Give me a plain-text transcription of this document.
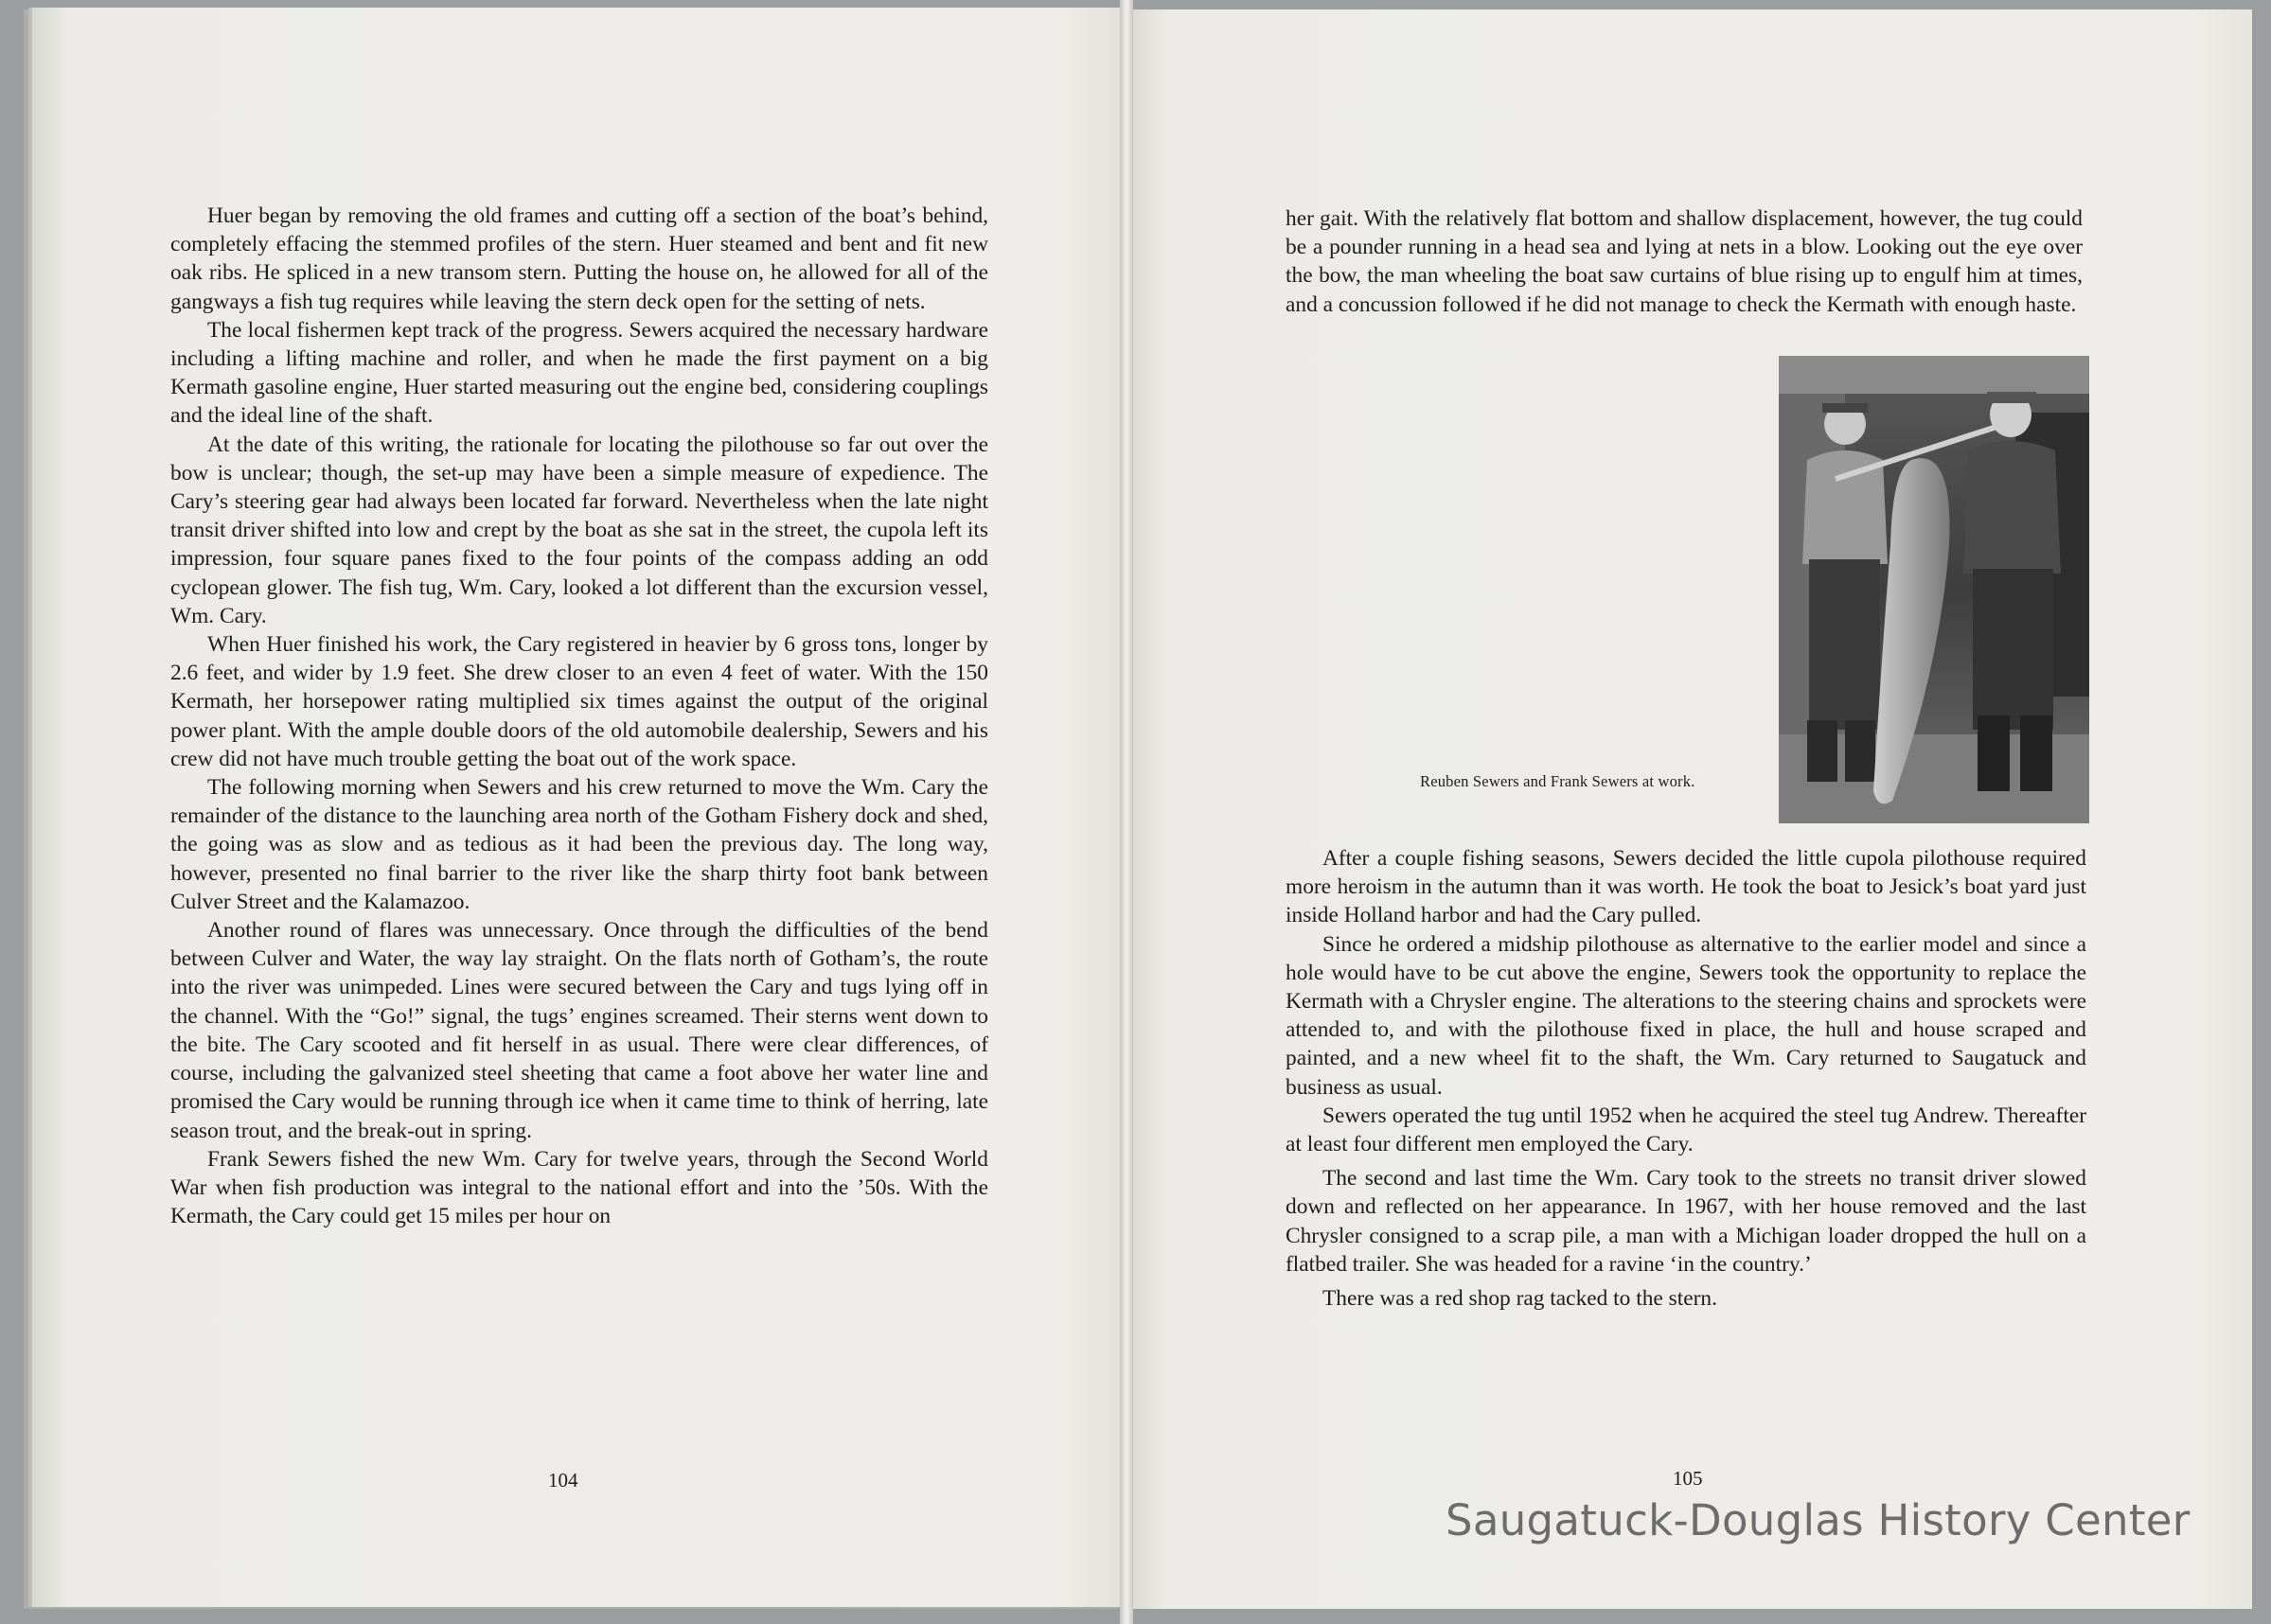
Huer began by removing the old frames and cutting off a section of the boat’s behind, completely effacing the stemmed profiles of the stern. Huer steamed and bent and fit new oak ribs. He spliced in a new transom stern. Putting the house on, he allowed for all of the gangways a fish tug requires while leaving the stern deck open for the setting of nets.

The local fishermen kept track of the progress. Sewers acquired the necessary hardware including a lifting machine and roller, and when he made the first payment on a big Kermath gasoline engine, Huer started measuring out the engine bed, considering couplings and the ideal line of the shaft.

At the date of this writing, the rationale for locating the pilothouse so far out over the bow is unclear; though, the set-up may have been a simple measure of expedience. The Cary’s steering gear had always been located far forward. Nevertheless when the late night transit driver shifted into low and crept by the boat as she sat in the street, the cupola left its impression, four square panes fixed to the four points of the compass adding an odd cyclopean glower. The fish tug, Wm. Cary, looked a lot different than the excursion vessel, Wm. Cary.

When Huer finished his work, the Cary registered in heavier by 6 gross tons, longer by 2.6 feet, and wider by 1.9 feet. She drew closer to an even 4 feet of water. With the 150 Kermath, her horsepower rating multiplied six times against the output of the original power plant. With the ample double doors of the old automobile dealership, Sewers and his crew did not have much trouble getting the boat out of the work space.

The following morning when Sewers and his crew returned to move the Wm. Cary the remainder of the distance to the launching area north of the Gotham Fishery dock and shed, the going was as slow and as tedious as it had been the previous day. The long way, however, presented no final barrier to the river like the sharp thirty foot bank between Culver Street and the Kalamazoo.

Another round of flares was unnecessary. Once through the difficulties of the bend between Culver and Water, the way lay straight. On the flats north of Gotham’s, the route into the river was unimpeded. Lines were secured between the Cary and tugs lying off in the channel. With the “Go!” signal, the tugs’ engines screamed. Their sterns went down to the bite. The Cary scooted and fit herself in as usual. There were clear differences, of course, including the galvanized steel sheeting that came a foot above her water line and promised the Cary would be running through ice when it came time to think of herring, late season trout, and the break-out in spring.

Frank Sewers fished the new Wm. Cary for twelve years, through the Second World War when fish production was integral to the national effort and into the ’50s. With the Kermath, the Cary could get 15 miles per hour on

104

her gait. With the relatively flat bottom and shallow displacement, however, the tug could be a pounder running in a head sea and lying at nets in a blow. Looking out the eye over the bow, the man wheeling the boat saw curtains of blue rising up to engulf him at times, and a concussion followed if he did not manage to check the Kermath with enough haste.

Reuben Sewers and Frank Sewers at work.

After a couple fishing seasons, Sewers decided the little cupola pilothouse required more heroism in the autumn than it was worth. He took the boat to Jesick’s boat yard just inside Holland harbor and had the Cary pulled.

Since he ordered a midship pilothouse as alternative to the earlier model and since a hole would have to be cut above the engine, Sewers took the opportunity to replace the Kermath with a Chrysler engine. The alterations to the steering chains and sprockets were attended to, and with the pilothouse fixed in place, the hull and house scraped and painted, and a new wheel fit to the shaft, the Wm. Cary returned to Saugatuck and business as usual.

Sewers operated the tug until 1952 when he acquired the steel tug Andrew. Thereafter at least four different men employed the Cary.

The second and last time the Wm. Cary took to the streets no transit driver slowed down and reflected on her appearance. In 1967, with her house removed and the last Chrysler consigned to a scrap pile, a man with a Michigan loader dropped the hull on a flatbed trailer. She was headed for a ravine ‘in the country.’

There was a red shop rag tacked to the stern.

105
Saugatuck-Douglas History Center
